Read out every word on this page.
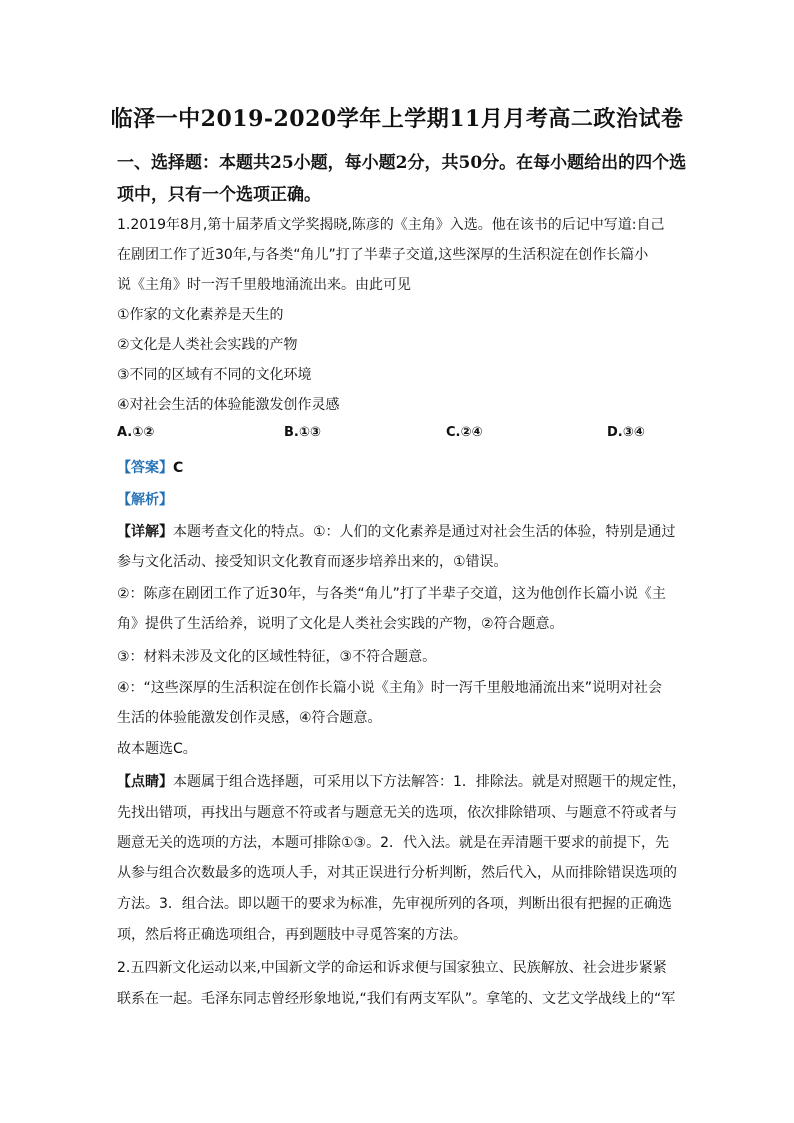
临泽一中2019-2020学年上学期11月月考高二政治试卷
一、选择题：本题共25小题，每小题2分，共50分。在每小题给出的四个选
项中，只有一个选项正确。
1.2019年8月,第十届茅盾文学奖揭晓,陈彦的《主角》入选。他在该书的后记中写道:自己
在剧团工作了近30年,与各类“角儿”打了半辈子交道,这些深厚的生活积淀在创作长篇小
说《主角》时一泻千里般地涌流出来。由此可见
①作家的文化素养是天生的
②文化是人类社会实践的产物
③不同的区域有不同的文化环境
④对社会生活的体验能激发创作灵感
A.①②	B.①③	C.②④	D.③④
【答案】C
【解析】
【详解】本题考查文化的特点。①：人们的文化素养是通过对社会生活的体验，特别是通过
参与文化活动、接受知识文化教育而逐步培养出来的，①错误。
②：陈彦在剧团工作了近30年，与各类“角儿”打了半辈子交道，这为他创作长篇小说《主
角》提供了生活给养，说明了文化是人类社会实践的产物，②符合题意。
③：材料未涉及文化的区域性特征，③不符合题意。
④：“这些深厚的生活积淀在创作长篇小说《主角》时一泻千里般地涌流出来”说明对社会
生活的体验能激发创作灵感，④符合题意。
故本题选C。
【点睛】本题属于组合选择题，可采用以下方法解答：1．排除法。就是对照题干的规定性，
先找出错项，再找出与题意不符或者与题意无关的选项，依次排除错项、与题意不符或者与
题意无关的选项的方法，本题可排除①③。2．代入法。就是在弄清题干要求的前提下，先
从参与组合次数最多的选项人手，对其正误进行分析判断，然后代入，从而排除错误选项的
方法。3．组合法。即以题干的要求为标准，先审视所列的各项，判断出很有把握的正确选
项，然后将正确选项组合，再到题肢中寻觅答案的方法。
2.五四新文化运动以来,中国新文学的命运和诉求便与国家独立、民族解放、社会进步紧紧
联系在一起。毛泽东同志曾经形象地说,“我们有两支军队”。拿笔的、文艺文学战线上的“军
